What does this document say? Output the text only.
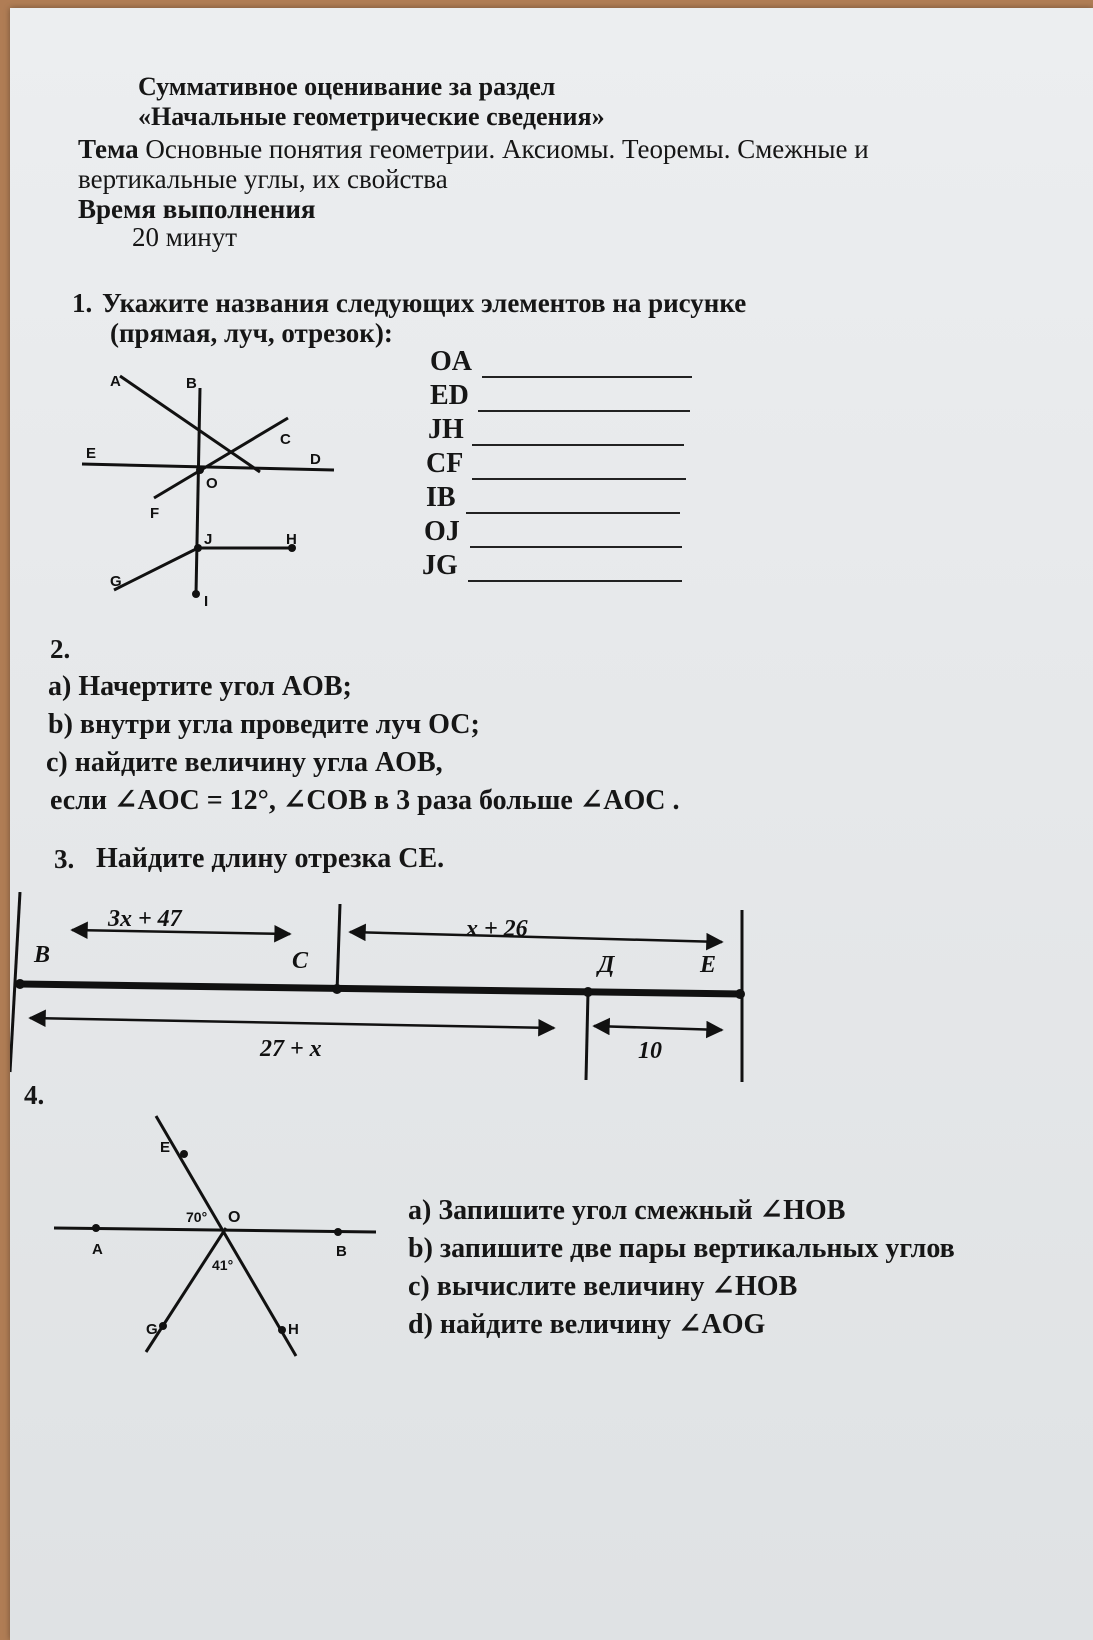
Суммативное оценивание за раздел
«Начальные геометрические сведения»
Тема Основные понятия геометрии. Аксиомы. Теоремы. Смежные и
вертикальные углы, их свойства
Время выполнения
20 минут
1. Укажите названия следующих элементов на рисунке
(прямая, луч, отрезок):
A	B
C
D
E
F
O
J	H
G
I
OA
ED
JH
CF
IB
OJ
JG
2.
a) Начертите угол AOB;
b) внутри угла проведите луч ОС;
c) найдите величину угла AOB,
если ∠AOC = 12°, ∠COB в 3 раза больше ∠AOC .
3. Найдите длину отрезка СЕ.
3x + 47	x + 26
27 + x	10
B	C	Д	E
4.
E
O
A	B
G	H
70°
41°
a) Запишите угол смежный ∠HOB
b) запишите две пары вертикальных углов
c) вычислите величину ∠HOB
d) найдите величину ∠AOG
